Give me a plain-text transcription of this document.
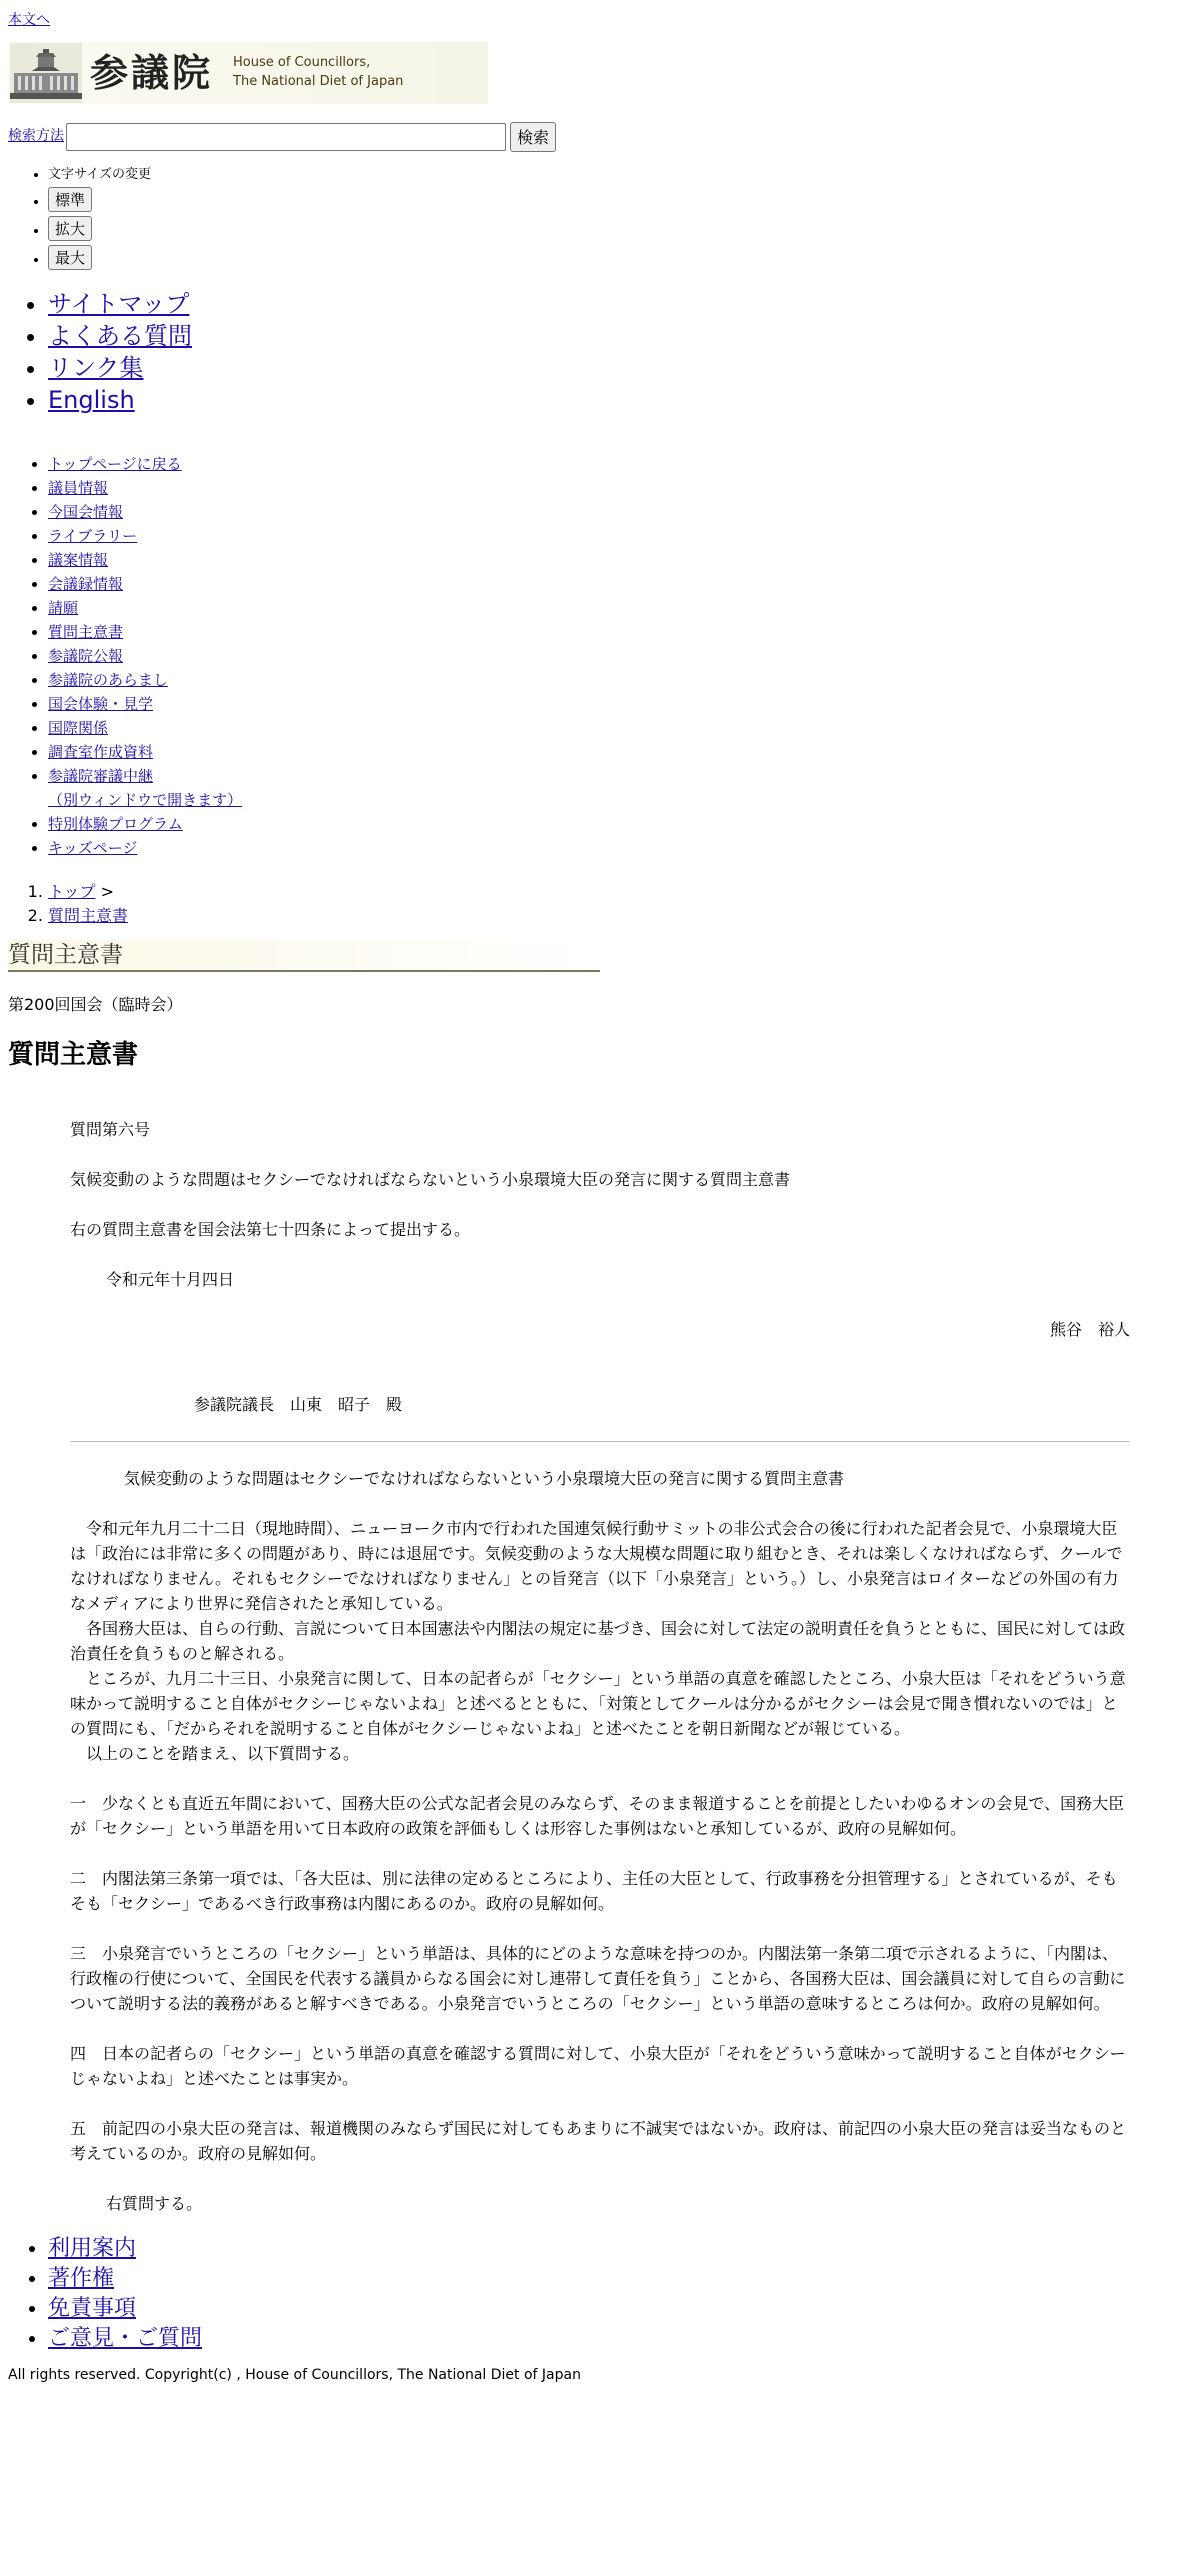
本文へ
参議院 House of Councillors,
The National Diet of Japan
検索方法	検索
• 文字サイズの変更
• 標準
• 拡大
• 最大
• サイトマップ
• よくある質問
• リンク集
• English
• トップページに戻る
• 議員情報
• 今国会情報
• ライブラリー
• 議案情報
• 会議録情報
• 請願
• 質問主意書
• 参議院公報
• 参議院のあらまし
• 国会体験・見学
• 国際関係
• 調査室作成資料
• 参議院審議中継
（別ウィンドウで開きます）
• 特別体験プログラム
• キッズページ
1. トップ >
2. 質問主意書
質問主意書
第200回国会（臨時会）
質問主意書

質問第六号

気候変動のような問題はセクシーでなければならないという小泉環境大臣の発言に関する質問主意書

右の質問主意書を国会法第七十四条によって提出する。

令和元年十月四日

熊谷　裕人

参議院議長　山東　昭子　殿

気候変動のような問題はセクシーでなければならないという小泉環境大臣の発言に関する質問主意書

　令和元年九月二十二日（現地時間）、ニューヨーク市内で行われた国連気候行動サミットの非公式会合の後に行われた記者会見で、小泉環境大臣は「政治には非常に多くの問題があり、時には退屈です。気候変動のような大規模な問題に取り組むとき、それは楽しくなければならず、クールでなければなりません。それもセクシーでなければなりません」との旨発言（以下「小泉発言」という。）し、小泉発言はロイターなどの外国の有力なメディアにより世界に発信されたと承知している。

　各国務大臣は、自らの行動、言説について日本国憲法や内閣法の規定に基づき、国会に対して法定の説明責任を負うとともに、国民に対しては政治責任を負うものと解される。

　ところが、九月二十三日、小泉発言に関して、日本の記者らが「セクシー」という単語の真意を確認したところ、小泉大臣は「それをどういう意味かって説明すること自体がセクシーじゃないよね」と述べるとともに、「対策としてクールは分かるがセクシーは会見で聞き慣れないのでは」との質問にも、「だからそれを説明すること自体がセクシーじゃないよね」と述べたことを朝日新聞などが報じている。

　以上のことを踏まえ、以下質問する。

一　少なくとも直近五年間において、国務大臣の公式な記者会見のみならず、そのまま報道することを前提としたいわゆるオンの会見で、国務大臣が「セクシー」という単語を用いて日本政府の政策を評価もしくは形容した事例はないと承知しているが、政府の見解如何。

二　内閣法第三条第一項では、「各大臣は、別に法律の定めるところにより、主任の大臣として、行政事務を分担管理する」とされているが、そもそも「セクシー」であるべき行政事務は内閣にあるのか。政府の見解如何。

三　小泉発言でいうところの「セクシー」という単語は、具体的にどのような意味を持つのか。内閣法第一条第二項で示されるように、「内閣は、行政権の行使について、全国民を代表する議員からなる国会に対し連帯して責任を負う」ことから、各国務大臣は、国会議員に対して自らの言動について説明する法的義務があると解すべきである。小泉発言でいうところの「セクシー」という単語の意味するところは何か。政府の見解如何。

四　日本の記者らの「セクシー」という単語の真意を確認する質問に対して、小泉大臣が「それをどういう意味かって説明すること自体がセクシーじゃないよね」と述べたことは事実か。

五　前記四の小泉大臣の発言は、報道機関のみならず国民に対してもあまりに不誠実ではないか。政府は、前記四の小泉大臣の発言は妥当なものと考えているのか。政府の見解如何。

右質問する。

• 利用案内
• 著作権
• 免責事項
• ご意見・ご質問
All rights reserved. Copyright(c) , House of Councillors, The National Diet of Japan
